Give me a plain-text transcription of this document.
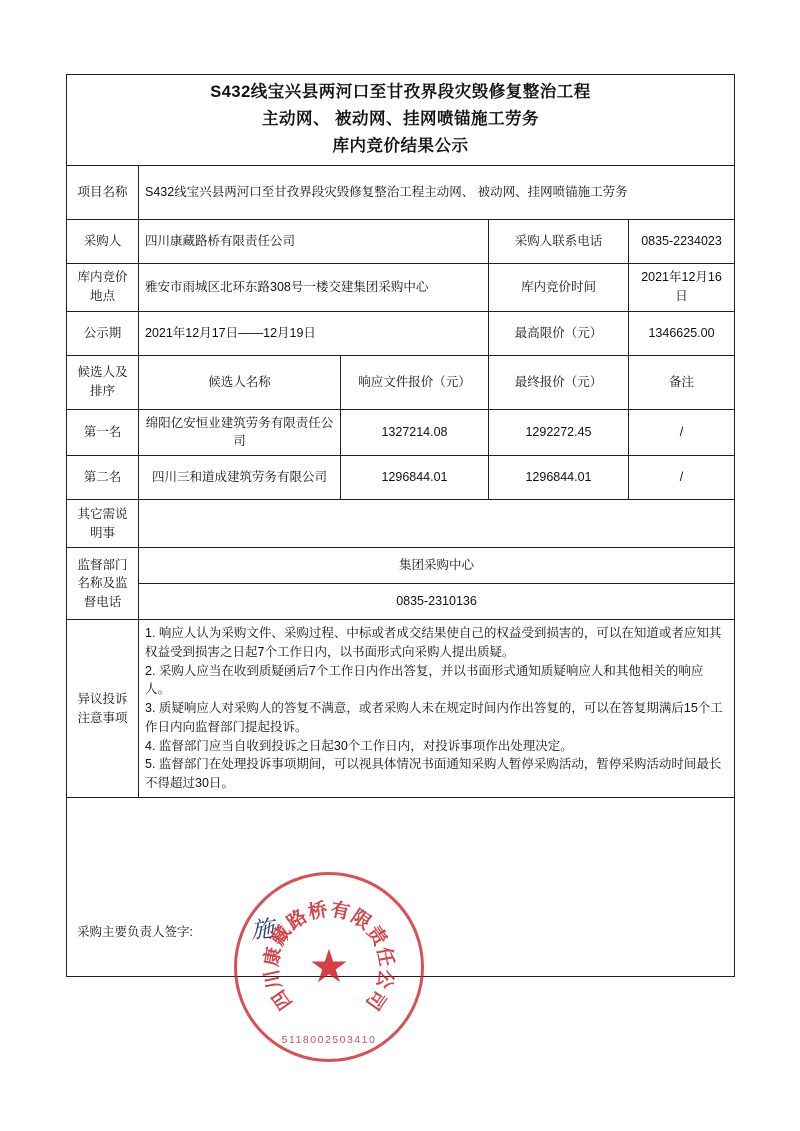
S432线宝兴县两河口至甘孜界段灾毁修复整治工程
主动网、 被动网、挂网喷锚施工劳务
库内竞价结果公示				

项目名称	S432线宝兴县两河口至甘孜界段灾毁修复整治工程主动网、 被动网、挂网喷锚施工劳务			
采购人	四川康藏路桥有限责任公司		采购人联系电话	0835-2234023
库内竞价地点	雅安市雨城区北环东路308号一楼交建集团采购中心		库内竞价时间	2021年12月16日
公示期	2021年12月17日——12月19日		最高限价（元）	1346625.00
候选人及排序	候选人名称	响应文件报价（元）	最终报价（元）	备注
第一名	绵阳亿安恒业建筑劳务有限责任公司	1327214.08	1292272.45	/
第二名	四川三和道成建筑劳务有限公司	1296844.01	1296844.01	/
其它需说明事				
监督部门名称及监督电话	集团采购中心			
	0835-2310136			
异议投诉注意事项	1. 响应人认为采购文件、采购过程、中标或者成交结果使自己的权益受到损害的，可以在知道或者应知其权益受到损害之日起7个工作日内，以书面形式向采购人提出质疑。

2. 采购人应当在收到质疑函后7个工作日内作出答复，并以书面形式通知质疑响应人和其他相关的响应人。

3. 质疑响应人对采购人的答复不满意，或者采购人未在规定时间内作出答复的，可以在答复期满后15个工作日内向监督部门提起投诉。

4. 监督部门应当自收到投诉之日起30个工作日内，对投诉事项作出处理决定。

5. 监督部门在处理投诉事项期间，可以视具体情况书面通知采购人暂停采购活动，暂停采购活动时间最长不得超过30日。			

采购主要负责人签字: 施				
四
川
康
藏
路
桥 有
限
责
任
公
司
★
5118002503410
